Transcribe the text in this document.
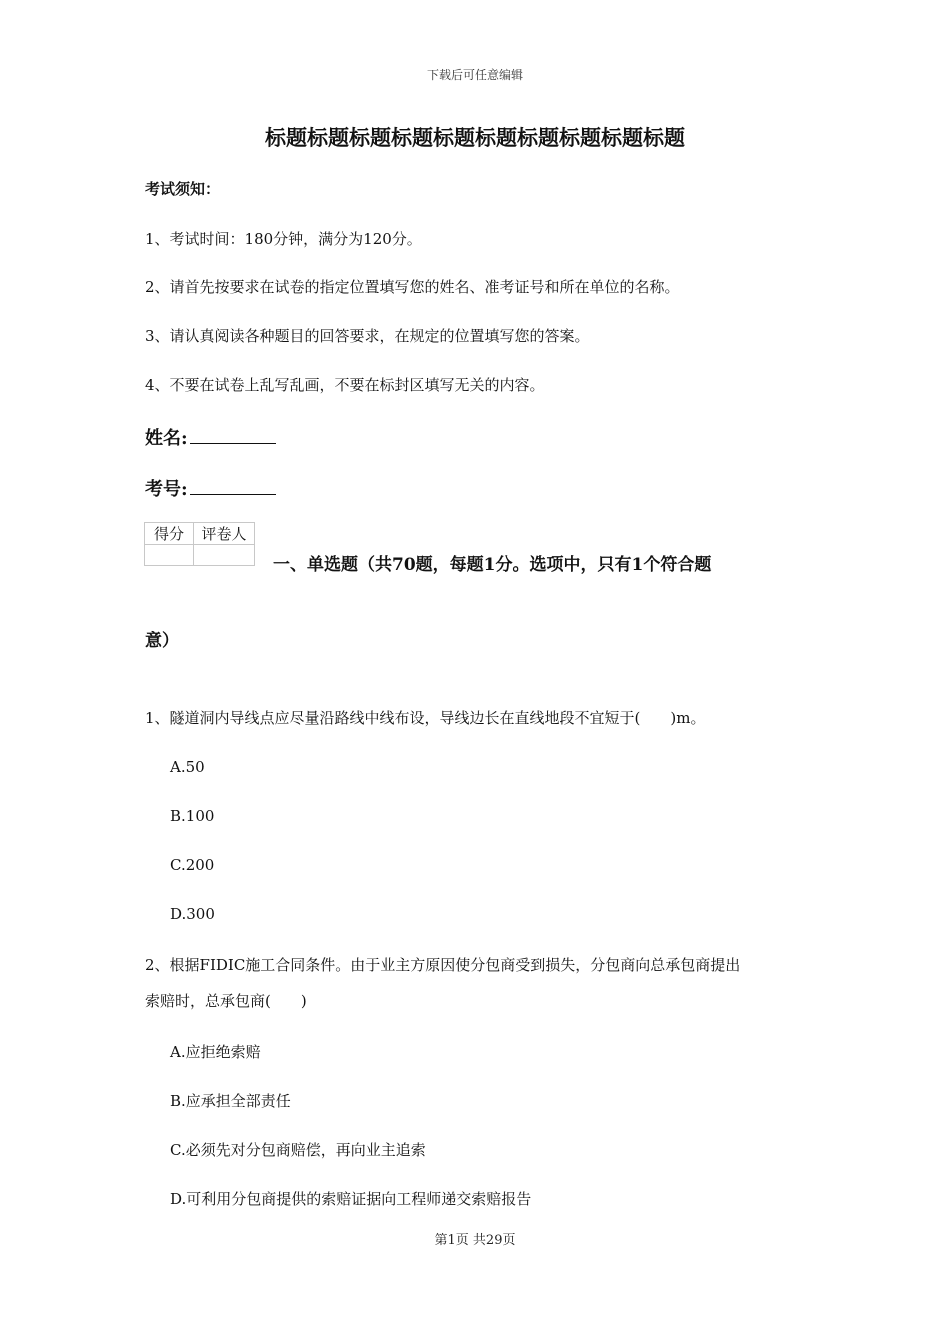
下载后可任意编辑
标题标题标题标题标题标题标题标题标题标题
考试须知：
1、考试时间：180分钟，满分为120分。
2、请首先按要求在试卷的指定位置填写您的姓名、准考证号和所在单位的名称。
3、请认真阅读各种题目的回答要求，在规定的位置填写您的答案。
4、不要在试卷上乱写乱画，不要在标封区填写无关的内容。
姓名:
考号:
得分	评卷人

一、单选题（共70题，每题1分。选项中，只有1个符合题
意）
1、隧道洞内导线点应尽量沿路线中线布设，导线边长在直线地段不宜短于(　　)m。
A.50
B.100
C.200
D.300
2、根据FIDIC施工合同条件。由于业主方原因使分包商受到损失，分包商向总承包商提出
索赔时，总承包商(　　)
A.应拒绝索赔
B.应承担全部责任
C.必须先对分包商赔偿，再向业主追索
D.可利用分包商提供的索赔证据向工程师递交索赔报告
第1页 共29页
